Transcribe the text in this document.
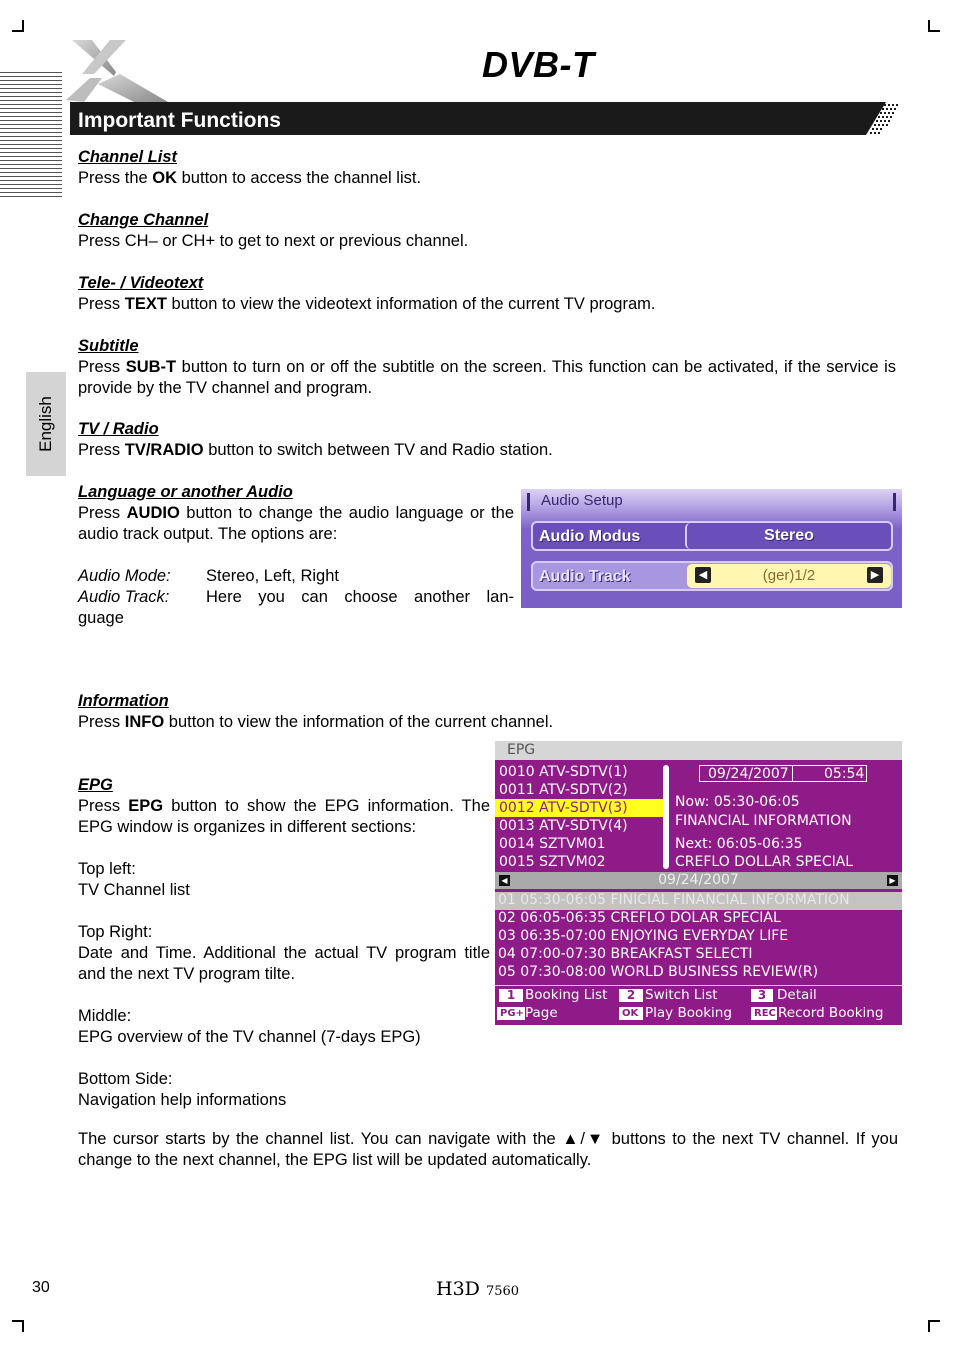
DVB-T
Important Functions
English
Channel List
Press the OK button to access the channel list.
Change Channel
Press CH– or CH+ to get to next or previous channel.
Tele- / Videotext
Press TEXT button to view the videotext information of the current TV program.
Subtitle
Press SUB-T button to turn on or off the subtitle on the screen. This function can be activated, if the service is provide by the TV channel and program.
TV / Radio
Press TV/RADIO button to switch between TV and Radio station.
Language or another Audio
Press AUDIO button to change the audio language or the audio track output. The options are:
Audio Mode: Stereo, Left, Right
Audio Track: Here you can choose another lan-
guage
Audio Setup
Audio Modus	Stereo
Audio Track	◀	(ger)1/2	▶
Information
Press INFO button to view the information of the current channel.
EPG
Press EPG button to show the EPG information. The EPG window is organizes in different sections:
Top left:
TV Channel list
Top Right:
Date and Time. Additional the actual TV program title and the next TV program tilte.
Middle:
EPG overview of the TV channel (7-days EPG)
Bottom Side:
Navigation help informations
EPG
0010 ATV-SDTV(1)
0011 ATV-SDTV(2)
0012 ATV-SDTV(3)
0013 ATV-SDTV(4)
0014 SZTVM01
0015 SZTVM02
09/24/2007	05:54
Now: 05:30-06:05
FINANCIAL INFORMATION
Next: 06:05-06:35
CREFLO DOLLAR SPECIAL
◀	09/24/2007	▶
01 05:30-06:05 FINICIAL FINANCIAL INFORMATION
02 06:05-06:35 CREFLO DOLAR SPECIAL
03 06:35-07:00 ENJOYING EVERYDAY LIFE
04 07:00-07:30 BREAKFAST SELECTI
05 07:30-08:00 WORLD BUSINESS REVIEW(R)
1 Booking List	2 Switch List	3 Detail
PG+ Page	OK Play Booking	REC Record Booking
The cursor starts by the channel list. You can navigate with the ▲/▼ buttons to the next TV channel. If you change to the next channel, the EPG list will be updated automatically.
30	H3D 7560
